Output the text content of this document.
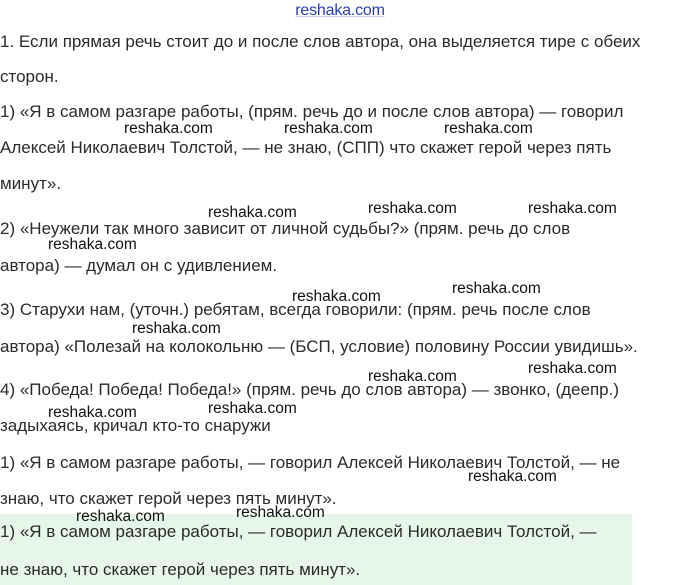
reshaka.com
1. Если прямая речь стоит до и после слов автора, она выделяется тире с обеих
сторон.
1) «Я в самом разгаре работы, (прям. речь до и после слов автора) — говорил
Алексей Николаевич Толстой, — не знаю, (СПП) что скажет герой через пять
минут».
2) «Неужели так много зависит от личной судьбы?» (прям. речь до слов
автора) — думал он с удивлением.
3) Старухи нам, (уточн.) ребятам, всегда говорили: (прям. речь после слов
автора) «Полезай на колокольню — (БСП, условие) половину России увидишь».
4) «Победа! Победа! Победа!» (прям. речь до слов автора) — звонко, (деепр.)
задыхаясь, кричал кто-то снаружи
1) «Я в самом разгаре работы, — говорил Алексей Николаевич Толстой, — не
знаю, что скажет герой через пять минут».
1) «Я в самом разгаре работы, — говорил Алексей Николаевич Толстой, —
не знаю, что скажет герой через пять минут».
reshaka.com	reshaka.com	reshaka.com
reshaka.com	reshaka.com	reshaka.com
reshaka.com
reshaka.com
reshaka.com
reshaka.com
reshaka.com
reshaka.com
reshaka.com
reshaka.com
reshaka.com
reshaka.com
reshaka.com
